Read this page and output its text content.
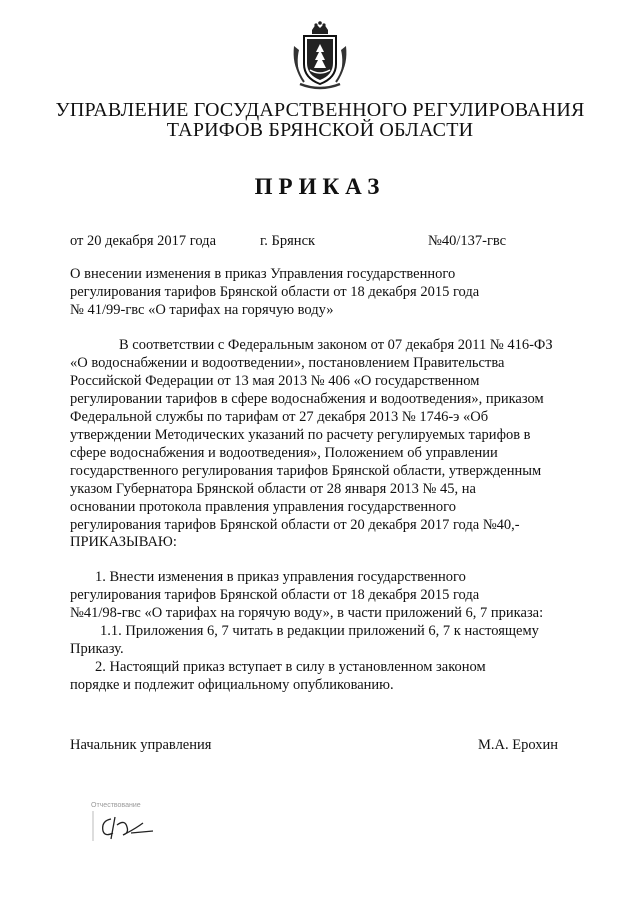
УПРАВЛЕНИЕ ГОСУДАРСТВЕННОГО РЕГУЛИРОВАНИЯ
ТАРИФОВ БРЯНСКОЙ ОБЛАСТИ
ПРИКАЗ
от 20 декабря 2017 года	г. Брянск	№40/137-гвс
О внесении изменения в приказ Управления государственного
регулирования тарифов Брянской области от 18 декабря 2015 года
№ 41/99-гвс «О тарифах на горячую воду»
В соответствии с Федеральным законом от 07 декабря 2011 № 416-ФЗ
«О водоснабжении и водоотведении», постановлением Правительства
Российской Федерации от 13 мая 2013 № 406 «О государственном
регулировании тарифов в сфере водоснабжения и водоотведения», приказом
Федеральной службы по тарифам от 27 декабря 2013 № 1746-э «Об
утверждении Методических указаний по расчету регулируемых тарифов в
сфере водоснабжения и водоотведения», Положением об управлении
государственного регулирования тарифов Брянской области, утвержденным
указом Губернатора Брянской области от 28 января 2013 № 45, на
основании протокола правления управления государственного
регулирования тарифов Брянской области от 20 декабря 2017 года №40,-
ПРИКАЗЫВАЮ:
1. Внести изменения в приказ управления государственного
регулирования тарифов Брянской области от 18 декабря 2015 года
№41/98-гвс «О тарифах на горячую воду», в части приложений 6, 7 приказа:
1.1. Приложения 6, 7 читать в редакции приложений 6, 7 к настоящему
Приказу.
2. Настоящий приказ вступает в силу в установленном законом
порядке и подлежит официальному опубликованию.
Начальник управления	М.А. Ерохин
Отчествование
